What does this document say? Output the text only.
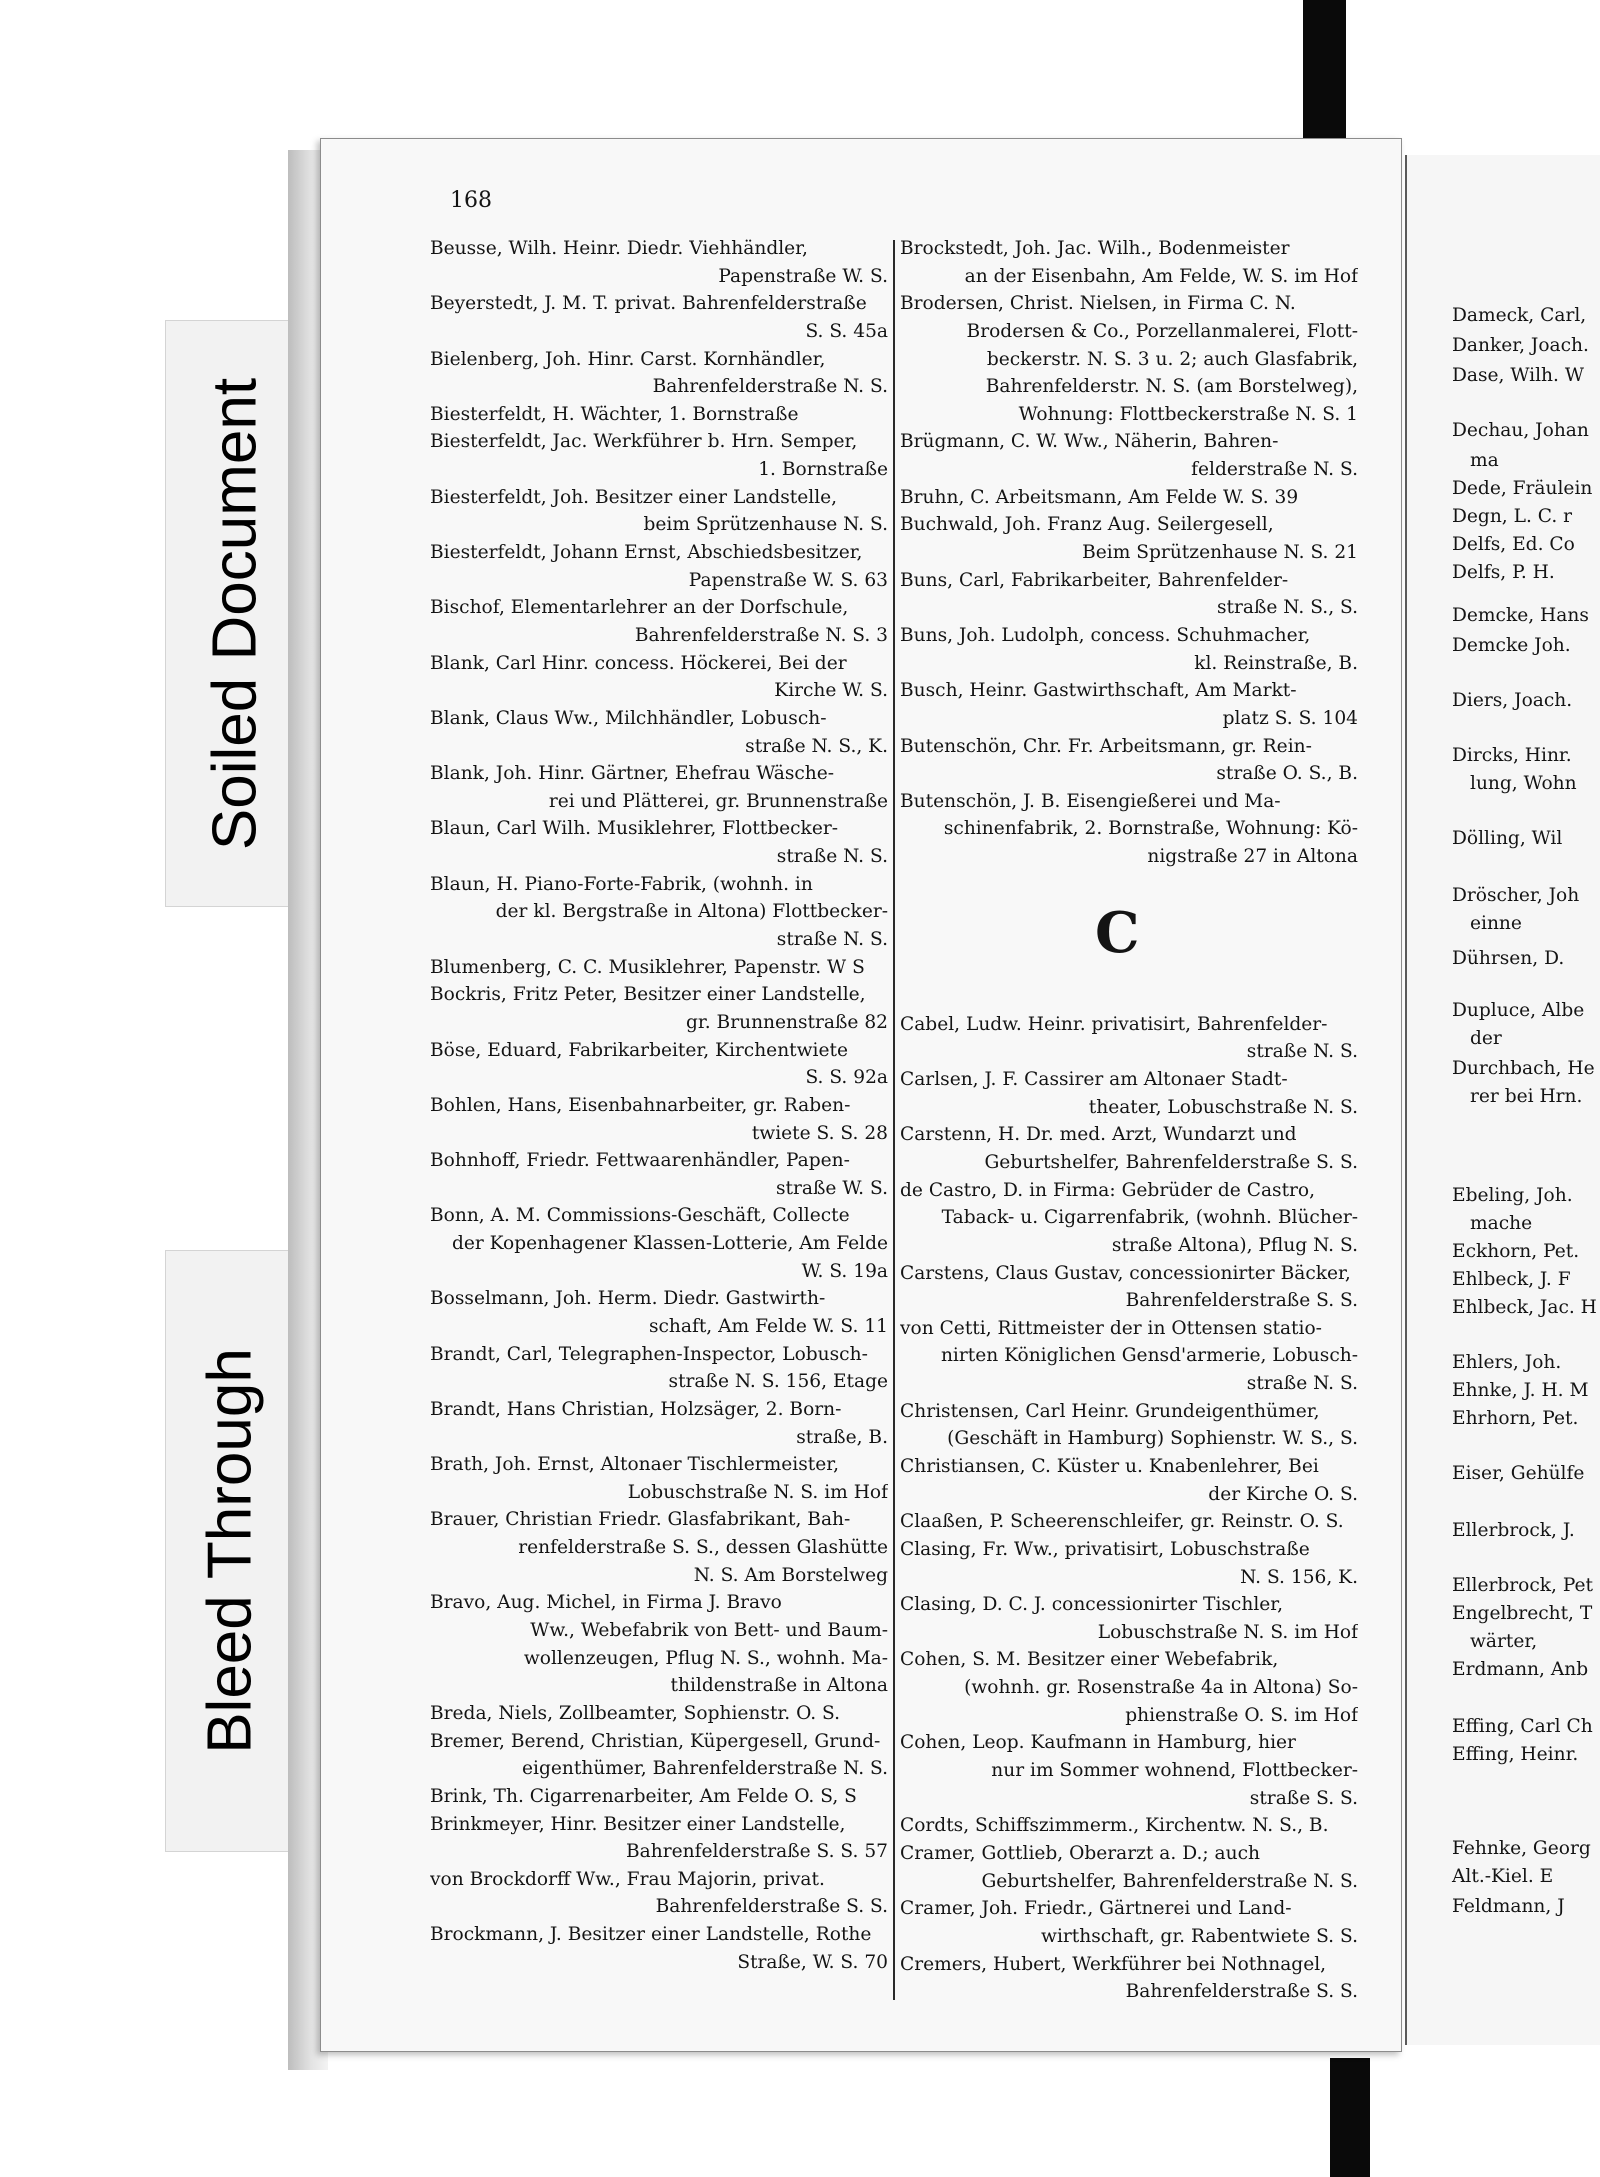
Soiled Document
Bleed Through
168
Beusse, Wilh. Heinr. Diedr. Viehhändler,
Papenstraße W. S.
Beyerstedt, J. M. T. privat. Bahrenfelderstraße
S. S. 45a
Bielenberg, Joh. Hinr. Carst. Kornhändler,
Bahrenfelderstraße N. S.
Biesterfeldt, H. Wächter, 1. Bornstraße
Biesterfeldt, Jac. Werkführer b. Hrn. Semper,
1. Bornstraße
Biesterfeldt, Joh. Besitzer einer Landstelle,
beim Sprützenhause N. S.
Biesterfeldt, Johann Ernst, Abschiedsbesitzer,
Papenstraße W. S. 63
Bischof, Elementarlehrer an der Dorfschule,
Bahrenfelderstraße N. S. 3
Blank, Carl Hinr. concess. Höckerei, Bei der
Kirche W. S.
Blank, Claus Ww., Milchhändler, Lobusch-
straße N. S., K.
Blank, Joh. Hinr. Gärtner, Ehefrau Wäsche-
rei und Plätterei, gr. Brunnenstraße
Blaun, Carl Wilh. Musiklehrer, Flottbecker-
straße N. S.
Blaun, H. Piano-Forte-Fabrik, (wohnh. in
der kl. Bergstraße in Altona) Flottbecker-
straße N. S.
Blumenberg, C. C. Musiklehrer, Papenstr. W S
Bockris, Fritz Peter, Besitzer einer Landstelle,
gr. Brunnenstraße 82
Böse, Eduard, Fabrikarbeiter, Kirchentwiete
S. S. 92a
Bohlen, Hans, Eisenbahnarbeiter, gr. Raben-
twiete S. S. 28
Bohnhoff, Friedr. Fettwaarenhändler, Papen-
straße W. S.
Bonn, A. M. Commissions-Geschäft, Collecte
der Kopenhagener Klassen-Lotterie, Am Felde
W. S. 19a
Bosselmann, Joh. Herm. Diedr. Gastwirth-
schaft, Am Felde W. S. 11
Brandt, Carl, Telegraphen-Inspector, Lobusch-
straße N. S. 156, Etage
Brandt, Hans Christian, Holzsäger, 2. Born-
straße, B.
Brath, Joh. Ernst, Altonaer Tischlermeister,
Lobuschstraße N. S. im Hof
Brauer, Christian Friedr. Glasfabrikant, Bah-
renfelderstraße S. S., dessen Glashütte
N. S. Am Borstelweg
Bravo, Aug. Michel, in Firma J. Bravo
Ww., Webefabrik von Bett- und Baum-
wollenzeugen, Pflug N. S., wohnh. Ma-
thildenstraße in Altona
Breda, Niels, Zollbeamter, Sophienstr. O. S.
Bremer, Berend, Christian, Küpergesell, Grund-
eigenthümer, Bahrenfelderstraße N. S.
Brink, Th. Cigarrenarbeiter, Am Felde O. S, S
Brinkmeyer, Hinr. Besitzer einer Landstelle,
Bahrenfelderstraße S. S. 57
von Brockdorff Ww., Frau Majorin, privat.
Bahrenfelderstraße S. S.
Brockmann, J. Besitzer einer Landstelle, Rothe
Straße, W. S. 70
Brockstedt, Joh. Jac. Wilh., Bodenmeister
an der Eisenbahn, Am Felde, W. S. im Hof
Brodersen, Christ. Nielsen, in Firma C. N.
Brodersen & Co., Porzellanmalerei, Flott-
beckerstr. N. S. 3 u. 2; auch Glasfabrik,
Bahrenfelderstr. N. S. (am Borstelweg),
Wohnung: Flottbeckerstraße N. S. 1
Brügmann, C. W. Ww., Näherin, Bahren-
felderstraße N. S.
Bruhn, C. Arbeitsmann, Am Felde W. S. 39
Buchwald, Joh. Franz Aug. Seilergesell,
Beim Sprützenhause N. S. 21
Buns, Carl, Fabrikarbeiter, Bahrenfelder-
straße N. S., S.
Buns, Joh. Ludolph, concess. Schuhmacher,
kl. Reinstraße, B.
Busch, Heinr. Gastwirthschaft, Am Markt-
platz S. S. 104
Butenschön, Chr. Fr. Arbeitsmann, gr. Rein-
straße O. S., B.
Butenschön, J. B. Eisengießerei und Ma-
schinenfabrik, 2. Bornstraße, Wohnung: Kö-
nigstraße 27 in Altona
Cabel, Ludw. Heinr. privatisirt, Bahrenfelder-
straße N. S.
Carlsen, J. F. Cassirer am Altonaer Stadt-
theater, Lobuschstraße N. S.
Carstenn, H. Dr. med. Arzt, Wundarzt und
Geburtshelfer, Bahrenfelderstraße S. S.
de Castro, D. in Firma: Gebrüder de Castro,
Taback- u. Cigarrenfabrik, (wohnh. Blücher-
straße Altona), Pflug N. S.
Carstens, Claus Gustav, concessionirter Bäcker,
Bahrenfelderstraße S. S.
von Cetti, Rittmeister der in Ottensen statio-
nirten Königlichen Gensd'armerie, Lobusch-
straße N. S.
Christensen, Carl Heinr. Grundeigenthümer,
(Geschäft in Hamburg) Sophienstr. W. S., S.
Christiansen, C. Küster u. Knabenlehrer, Bei
der Kirche O. S.
Claaßen, P. Scheerenschleifer, gr. Reinstr. O. S.
Clasing, Fr. Ww., privatisirt, Lobuschstraße
N. S. 156, K.
Clasing, D. C. J. concessionirter Tischler,
Lobuschstraße N. S. im Hof
Cohen, S. M. Besitzer einer Webefabrik,
(wohnh. gr. Rosenstraße 4a in Altona) So-
phienstraße O. S. im Hof
Cohen, Leop. Kaufmann in Hamburg, hier
nur im Sommer wohnend, Flottbecker-
straße S. S.
Cordts, Schiffszimmerm., Kirchentw. N. S., B.
Cramer, Gottlieb, Oberarzt a. D.; auch
Geburtshelfer, Bahrenfelderstraße N. S.
Cramer, Joh. Friedr., Gärtnerei und Land-
wirthschaft, gr. Rabentwiete S. S.
Cremers, Hubert, Werkführer bei Nothnagel,
Bahrenfelderstraße S. S.
C
Dameck, Carl,
Danker, Joach.
Dase, Wilh. W
Dechau, Johan
ma
Dede, Fräulein
Degn, L. C. r
Delfs, Ed. Co
Delfs, P. H.
Demcke, Hans
Demcke Joh.
Diers, Joach.
Dircks, Hinr.
lung, Wohn
Dölling, Wil
Dröscher, Joh
einne
Dührsen, D.
Dupluce, Albe
der
Durchbach, He
rer bei Hrn.
Ebeling, Joh.
mache
Eckhorn, Pet.
Ehlbeck, J. F
Ehlbeck, Jac. H
Ehlers, Joh.
Ehnke, J. H. M
Ehrhorn, Pet.
Eiser, Gehülfe
Ellerbrock, J.
Ellerbrock, Pet
Engelbrecht, T
wärter,
Erdmann, Anb
Effing, Carl Ch
Effing, Heinr.
Fehnke, Georg
Alt.-Kiel. E
Feldmann, J
